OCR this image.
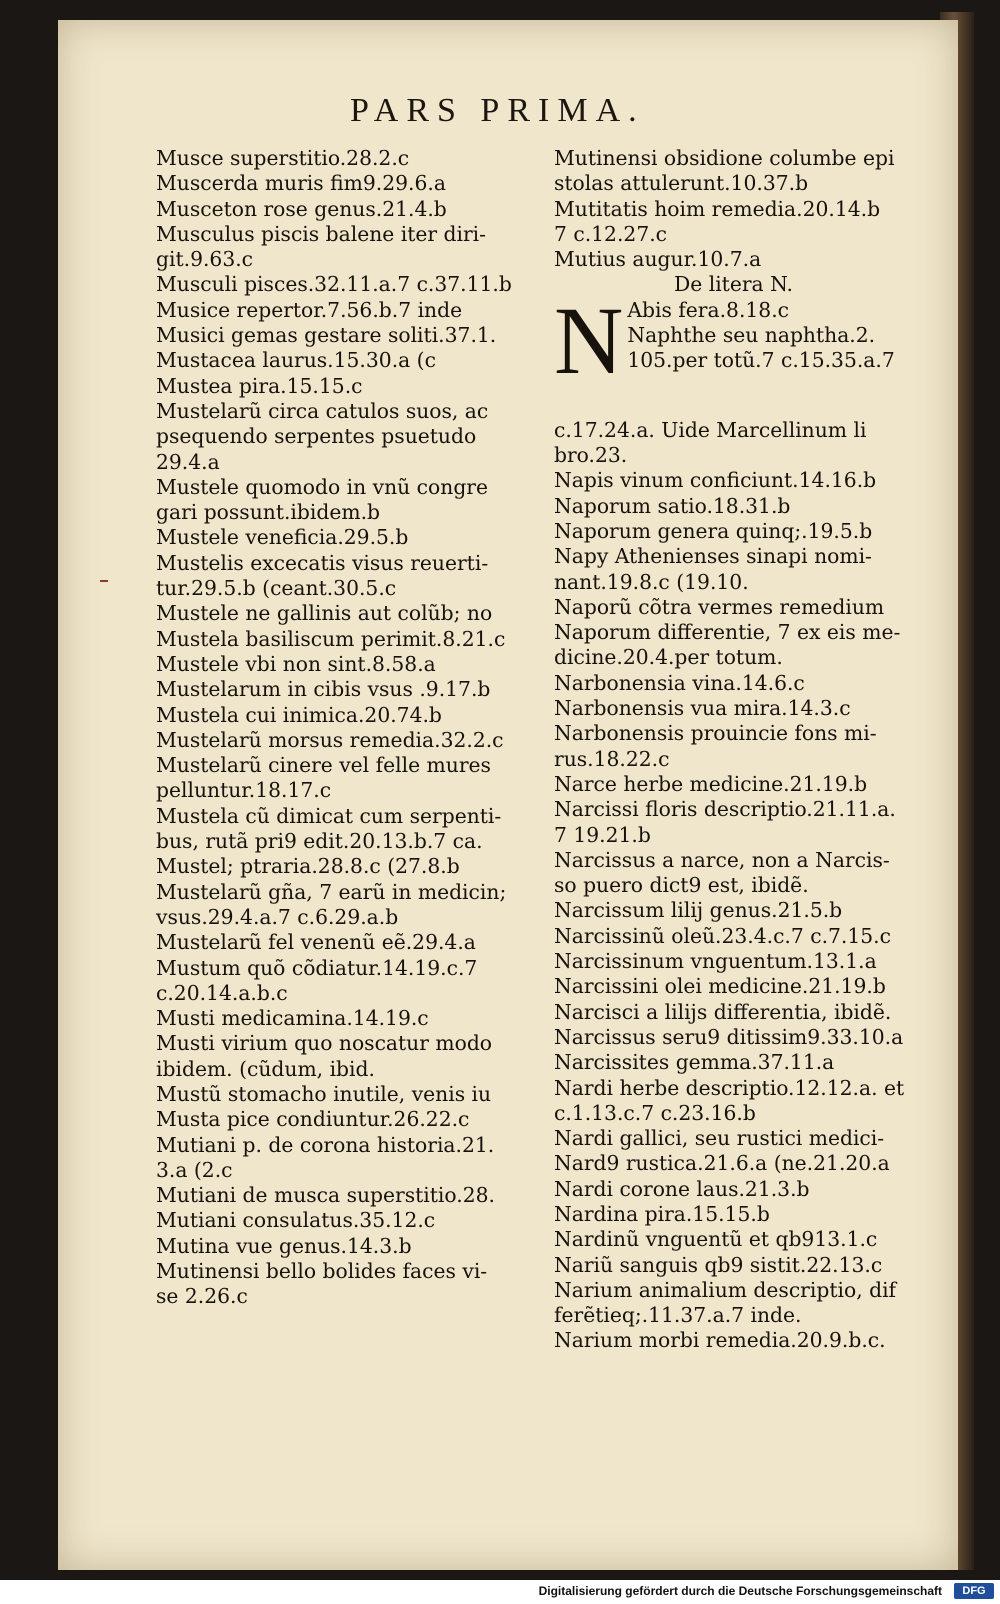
PARS PRIMA.
Musce superstitio.28.2.c
Muscerda muris fim9.29.6.a
Musceton rose genus.21.4.b
Musculus piscis balene iter diri-
git.9.63.c
Musculi pisces.32.11.a.7 c.37.11.b
Musice repertor.7.56.b.7 inde
Musici gemas gestare soliti.37.1.
Mustacea laurus.15.30.a (c
Mustea pira.15.15.c
Mustelarũ circa catulos suos, ac
psequendo serpentes psuetudo
29.4.a
Mustele quomodo in vnũ congre
gari possunt.ibidem.b
Mustele veneficia.29.5.b
Mustelis excecatis visus reuerti-
tur.29.5.b (ceant.30.5.c
Mustele ne gallinis aut colũb; no
Mustela basiliscum perimit.8.21.c
Mustele vbi non sint.8.58.a
Mustelarum in cibis vsus .9.17.b
Mustela cui inimica.20.74.b
Mustelarũ morsus remedia.32.2.c
Mustelarũ cinere vel felle mures
pelluntur.18.17.c
Mustela cũ dimicat cum serpenti-
bus, rutã pri9 edit.20.13.b.7 ca.
Mustel; ptraria.28.8.c (27.8.b
Mustelarũ gña, 7 earũ in medicin;
vsus.29.4.a.7 c.6.29.a.b
Mustelarũ fel venenũ eẽ.29.4.a
Mustum quõ cõdiatur.14.19.c.7
c.20.14.a.b.c
Musti medicamina.14.19.c
Musti virium quo noscatur modo
ibidem. (cũdum, ibid.
Mustũ stomacho inutile, venis iu
Musta pice condiuntur.26.22.c
Mutiani p. de corona historia.21.
3.a (2.c
Mutiani de musca superstitio.28.
Mutiani consulatus.35.12.c
Mutina vue genus.14.3.b
Mutinensi bello bolides faces vi-
se 2.26.c
Mutinensi obsidione columbe epi
stolas attulerunt.10.37.b
Mutitatis hoim remedia.20.14.b
7 c.12.27.c
Mutius augur.10.7.a
De litera N.
N Abis fera.8.18.c
Naphthe seu naphtha.2.
105.per totũ.7 c.15.35.a.7
c.17.24.a. Uide Marcellinum li
bro.23.
Napis vinum conficiunt.14.16.b
Naporum satio.18.31.b
Naporum genera quinq;.19.5.b
Napy Athenienses sinapi nomi-
nant.19.8.c (19.10.
Naporũ cõtra vermes remedium
Naporum differentie, 7 ex eis me-
dicine.20.4.per totum.
Narbonensia vina.14.6.c
Narbonensis vua mira.14.3.c
Narbonensis prouincie fons mi-
rus.18.22.c
Narce herbe medicine.21.19.b
Narcissi floris descriptio.21.11.a.
7 19.21.b
Narcissus a narce, non a Narcis-
so puero dict9 est, ibidẽ.
Narcissum lilij genus.21.5.b
Narcissinũ oleũ.23.4.c.7 c.7.15.c
Narcissinum vnguentum.13.1.a
Narcissini olei medicine.21.19.b
Narcisci a lilijs differentia, ibidẽ.
Narcissus seru9 ditissim9.33.10.a
Narcissites gemma.37.11.a
Nardi herbe descriptio.12.12.a. et
c.1.13.c.7 c.23.16.b
Nardi gallici, seu rustici medici-
Nard9 rustica.21.6.a (ne.21.20.a
Nardi corone laus.21.3.b
Nardina pira.15.15.b
Nardinũ vnguentũ et qb913.1.c
Nariũ sanguis qb9 sistit.22.13.c
Narium animalium descriptio, dif
ferẽtieq;.11.37.a.7 inde.
Narium morbi remedia.20.9.b.c.
Digitalisierung gefördert durch die Deutsche Forschungsgemeinschaft	DFG
